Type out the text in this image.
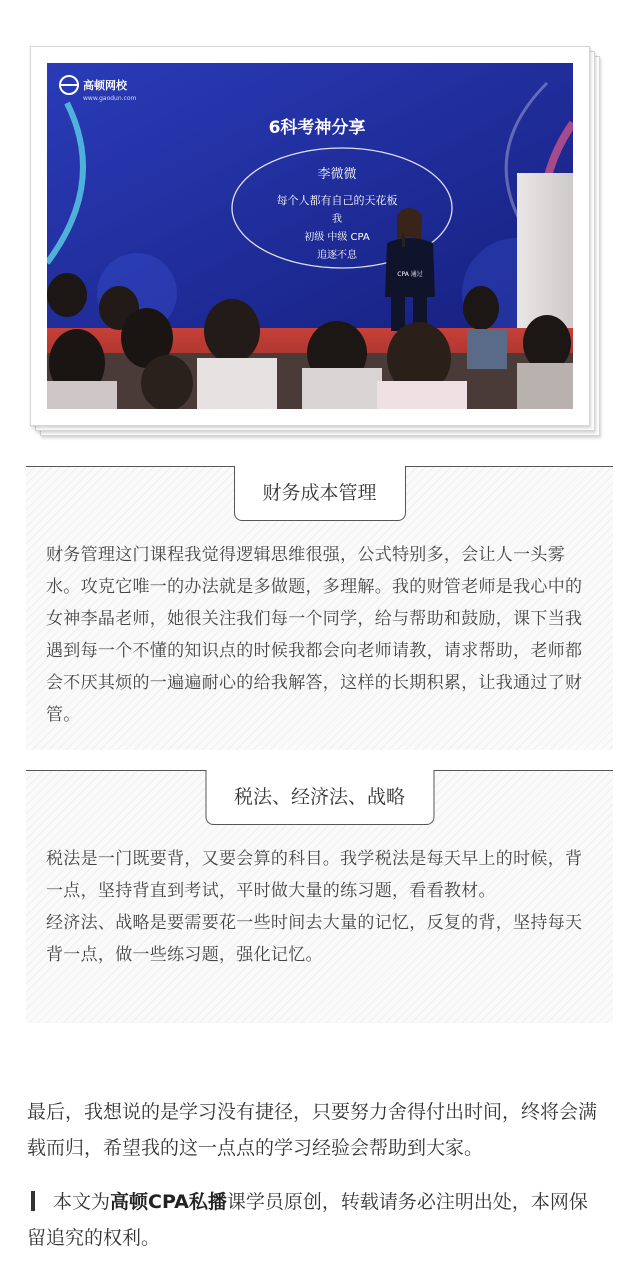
高顿网校
www.gaodun.com
6科考神分享
李微微
每个人都有自己的天花板
我
初级 中级 CPA
追逐不息
CPA 通过
财务成本管理

财务管理这门课程我觉得逻辑思维很强，公式特别多，会让人一头雾水。攻克它唯一的办法就是多做题，多理解。我的财管老师是我心中的女神李晶老师，她很关注我们每一个同学，给与帮助和鼓励，课下当我遇到每一个不懂的知识点的时候我都会向老师请教，请求帮助，老师都会不厌其烦的一遍遍耐心的给我解答，这样的长期积累，让我通过了财管。

税法、经济法、战略

税法是一门既要背，又要会算的科目。我学税法是每天早上的时候，背一点，坚持背直到考试，平时做大量的练习题，看看教材。

经济法、战略是要需要花一些时间去大量的记忆，反复的背，坚持每天背一点，做一些练习题，强化记忆。

最后，我想说的是学习没有捷径，只要努力舍得付出时间，终将会满载而归，希望我的这一点点的学习经验会帮助到大家。

本文为高顿CPA私播课学员原创，转载请务必注明出处，本网保留追究的权利。
